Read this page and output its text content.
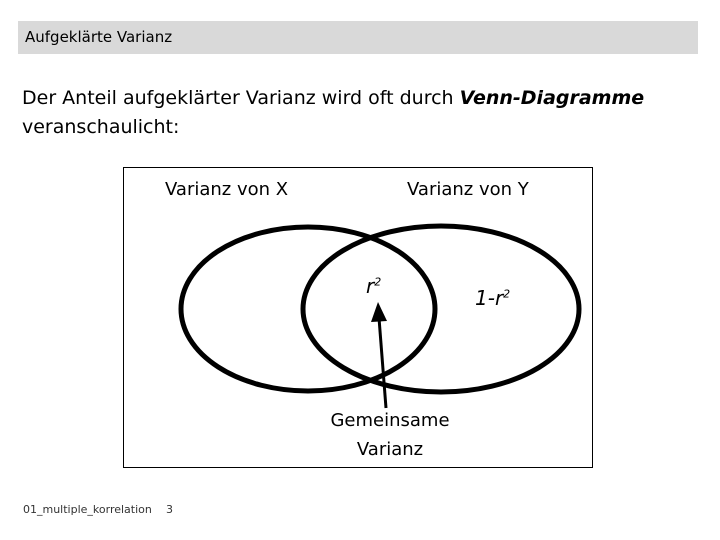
Aufgeklärte Varianz
Der Anteil aufgeklärter Varianz wird oft durch Venn-Diagramme veranschaulicht:
Varianz von X	Varianz von Y
$r^2$
$1-r^2$
Gemeinsame
Varianz
01_multiple_korrelation 3
